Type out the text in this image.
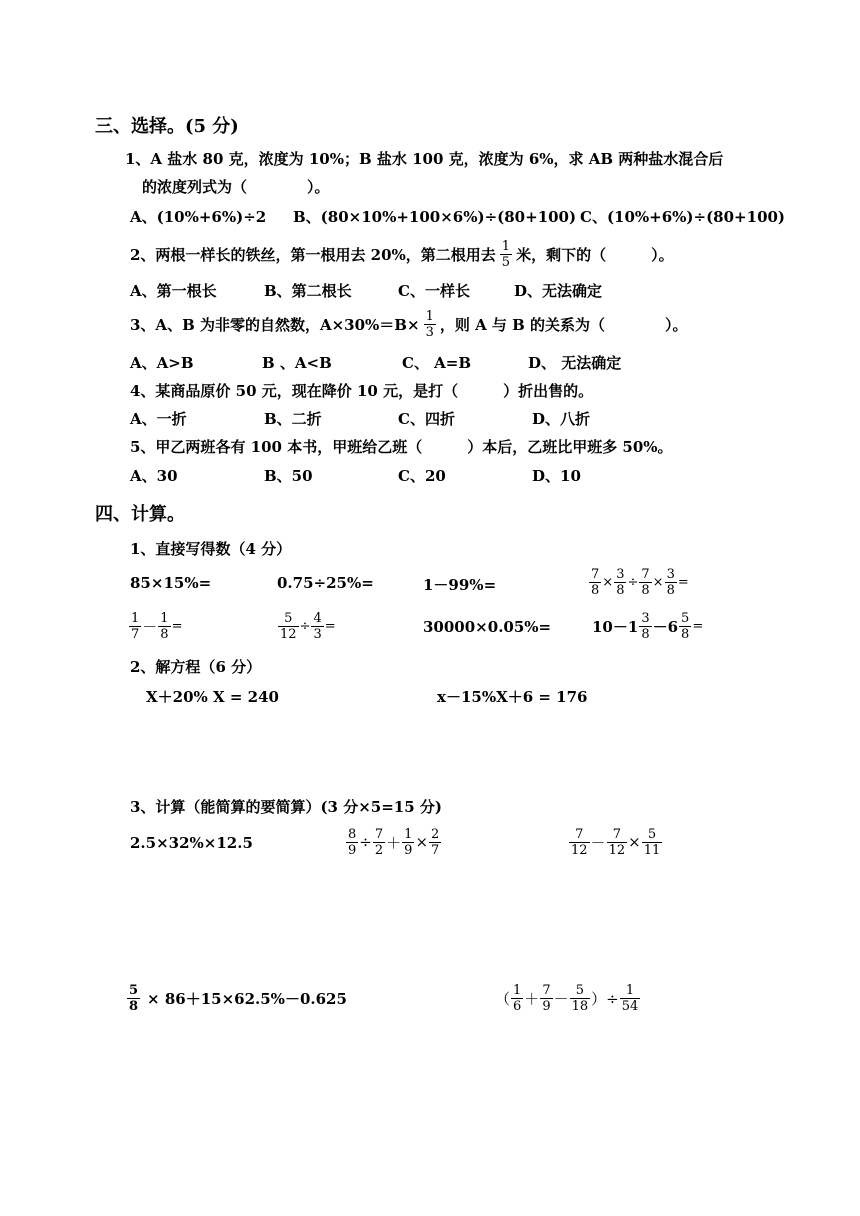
三、选择。(5 分)
1、A 盐水 80 克，浓度为 10%；B 盐水 100 克，浓度为 6%，求 AB 两种盐水混合后
的浓度列式为（　　　　）。
A、(10%+6%)÷2 B、(80×10%+100×6%)÷(80+100) C、(10%+6%)÷(80+100)
2、两根一样长的铁丝，第一根用去 20%，第二根用去 $\frac{1}{5}$ 米，剩下的（　　　）。
A、第一根长	B、第二根长	C、一样长	D、无法确定
3、A、B 为非零的自然数，$A\times 30\%=B\times \frac{1}{3}$ ，则 A 与 B 的关系为（　　　　）。
A、A>B	B 、A<B	C、 A=B	D、 无法确定
4、某商品原价 50 元，现在降价 10 元，是打（　　　）折出售的。
A、一折	B、二折	C、四折	D、八折
5、甲乙两班各有 100 本书，甲班给乙班（　　　）本后，乙班比甲班多 50%。
A、30	B、50	C、20	D、10
四、计算。
1、直接写得数（4 分）
85×15%=	0.75÷25%=	1－99%=	$\frac{7}{8} \times \frac{3}{8} \div \frac{7}{8} \times \frac{3}{8}$ =
$\frac{1}{7} - \frac{1}{8}$ =	$\frac{5}{12} \div \frac{4}{3}$ =	30000×0.05%=	$10-1 \frac{3}{8} -6 \frac{5}{8}$ =
2、解方程（6 分）
X＋20% X = 240	x－15%X＋6 = 176
3、计算（能简算的要简算）(3 分×5=15 分)
2.5×32%×12.5	$\frac{8}{9} \div \frac{7}{2} + \frac{1}{9} \times \frac{2}{7}$	$\frac{7}{12} - \frac{7}{12} \times \frac{5}{11}$
$\frac{5}{8} \times 86+15\times 62.5\%-0.625$	（ $\frac{1}{6} + \frac{7}{9} - \frac{5}{18}$ ）÷ $\frac{1}{54}$
